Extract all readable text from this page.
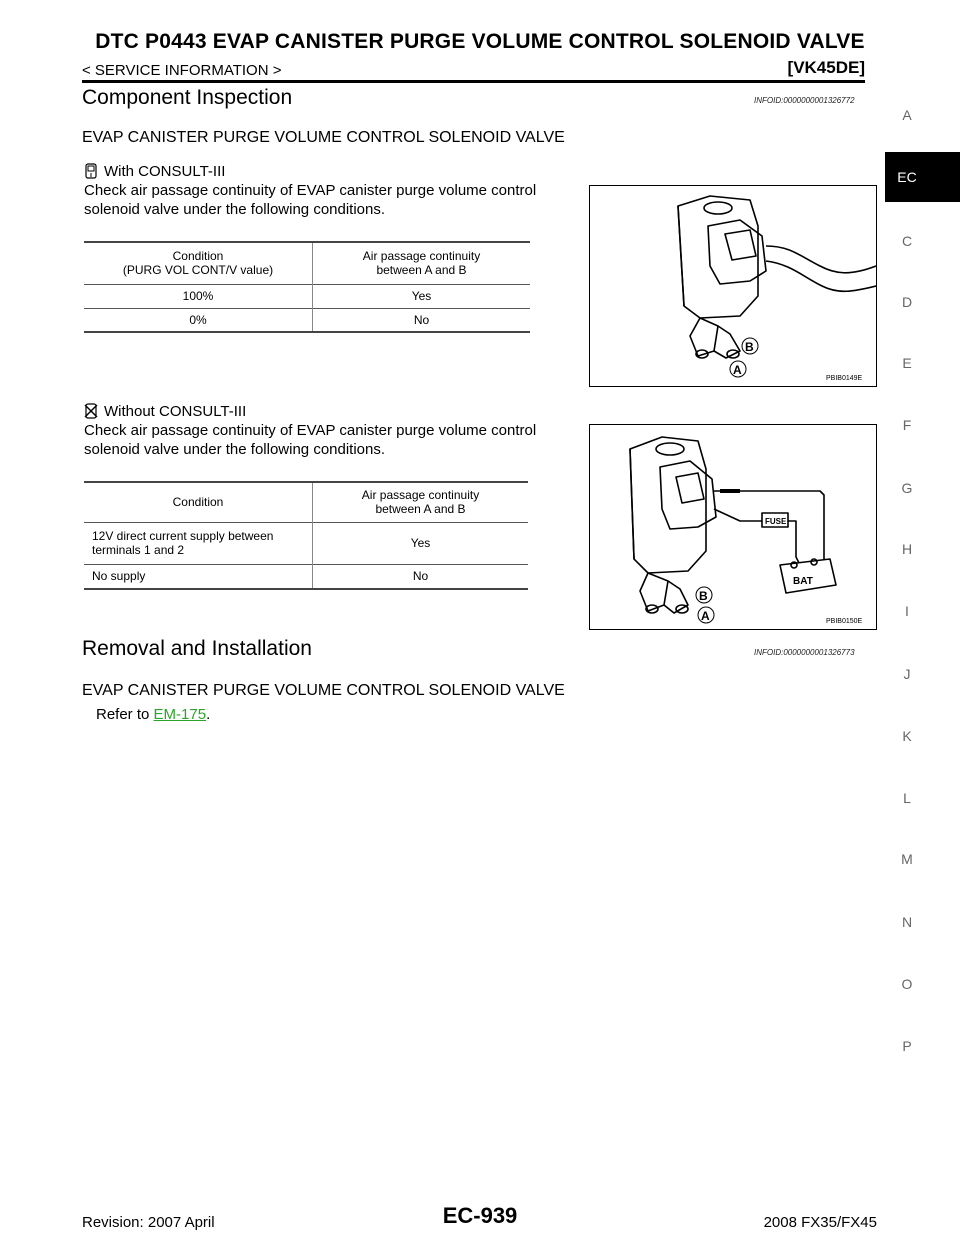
DTC P0443 EVAP CANISTER PURGE VOLUME CONTROL SOLENOID VALVE
< SERVICE INFORMATION >	[VK45DE]
Component Inspection	INFOID:0000000001326772
EVAP CANISTER PURGE VOLUME CONTROL SOLENOID VALVE
With CONSULT-III
Check air passage continuity of EVAP canister purge volume control
solenoid valve under the following conditions.
Condition
(PURG VOL CONT/V value)	Air passage continuity
between A and B
100%	Yes
0%	No
B
A
PBIB0149E
Without CONSULT-III
Check air passage continuity of EVAP canister purge volume control
solenoid valve under the following conditions.
Condition	Air passage continuity
between A and B
12V direct current supply between
terminals 1 and 2	Yes
No supply	No
FUSE
BAT
B
A	PBIB0150E
Removal and Installation	INFOID:0000000001326773
EVAP CANISTER PURGE VOLUME CONTROL SOLENOID VALVE
Refer to EM-175.
A
EC
C
D
E
F
G
H
I
J
K
L
M
N
O
P
Revision: 2007 April	EC-939	2008 FX35/FX45
